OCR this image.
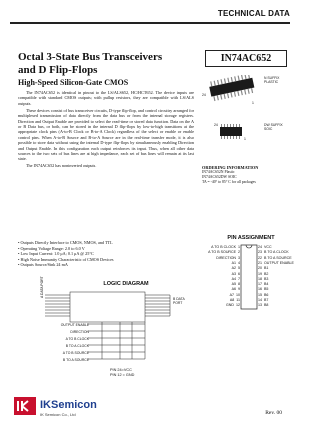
TECHNICAL DATA
Octal 3-State Bus Transceivers
and D Flip-Flops
High-Speed Silicon-Gate CMOS
IN74AC652

The IN74AC652 is identical in pinout to the LS/ALS652, HC/HCT652. The device inputs are compatible with standard CMOS outputs; with pullup resistors, they are compatible with LS/ALS outputs.

These devices consist of bus transceiver circuits, D-type flip-flop, and control circuitry arranged for multiplexed transmission of data directly from the data bus or from the internal storage registers. Direction and Output Enable are provided to select the read-time or stored data function. Data on the A or B Data bus, or both, can be stored in the internal D flip-flops by low-to-high transitions at the appropriate clock pins (A-to-B Clock or B-to-A Clock) regardless of the select or enable or enable control pins. When A-to-B Source and B-to-A Source are in the real-time transfer mode, it is also possible to store data without using the internal D-type flip-flops by simultaneously enabling Direction and Output Enable. In this configuration each output reinforces its input. Thus, when all other data sources to the two sets of bus lines are at high impedance, each set of bus lines will remain at its last state.

The IN74AC652 has noninverted outputs.

• Outputs Directly Interface to CMOS, NMOS, and TTL
• Operating Voltage Range: 2.0 to 6.0 V
• Low Input Current: 1.0 μA; 0.1 μA @ 25°C
• High Noise Immunity Characteristic of CMOS Devices
• Outputs Source/Sink 24 mA
N SUFFIX
PLASTIC
24
1
DW SUFFIX
SOIC
24
1
ORDERING INFORMATION
IN74AC652N Plastic
IN74AC652DW SOIC
TA = -40° to 85° C for all packages
PIN ASSIGNMENT
A TO B CLOCK 1
A TO B SOURCE 2
DIRECTION 3
A1 4
A2 5
A3 6
A4 7
A5 8
A6 9
A7 10
A8 11
GND 12
24 VCC
23 B TO A CLOCK
22 B TO A SOURCE
21 OUTPUT ENABLE
20 B1
19 B2
18 B3
17 B4
16 B5
15 B6
14 B7
13 B8
LOGIC DIAGRAM
A DATA PORT
B DATA PORT
OUTPUT ENABLE
DIRECTION
A TO B CLOCK
B TO A CLOCK
A TO B SOURCE
B TO A SOURCE
PIN 24=VCC
PIN 12 = GND
IKSemicon
IK Semicon Co., Ltd	Rev. 00
